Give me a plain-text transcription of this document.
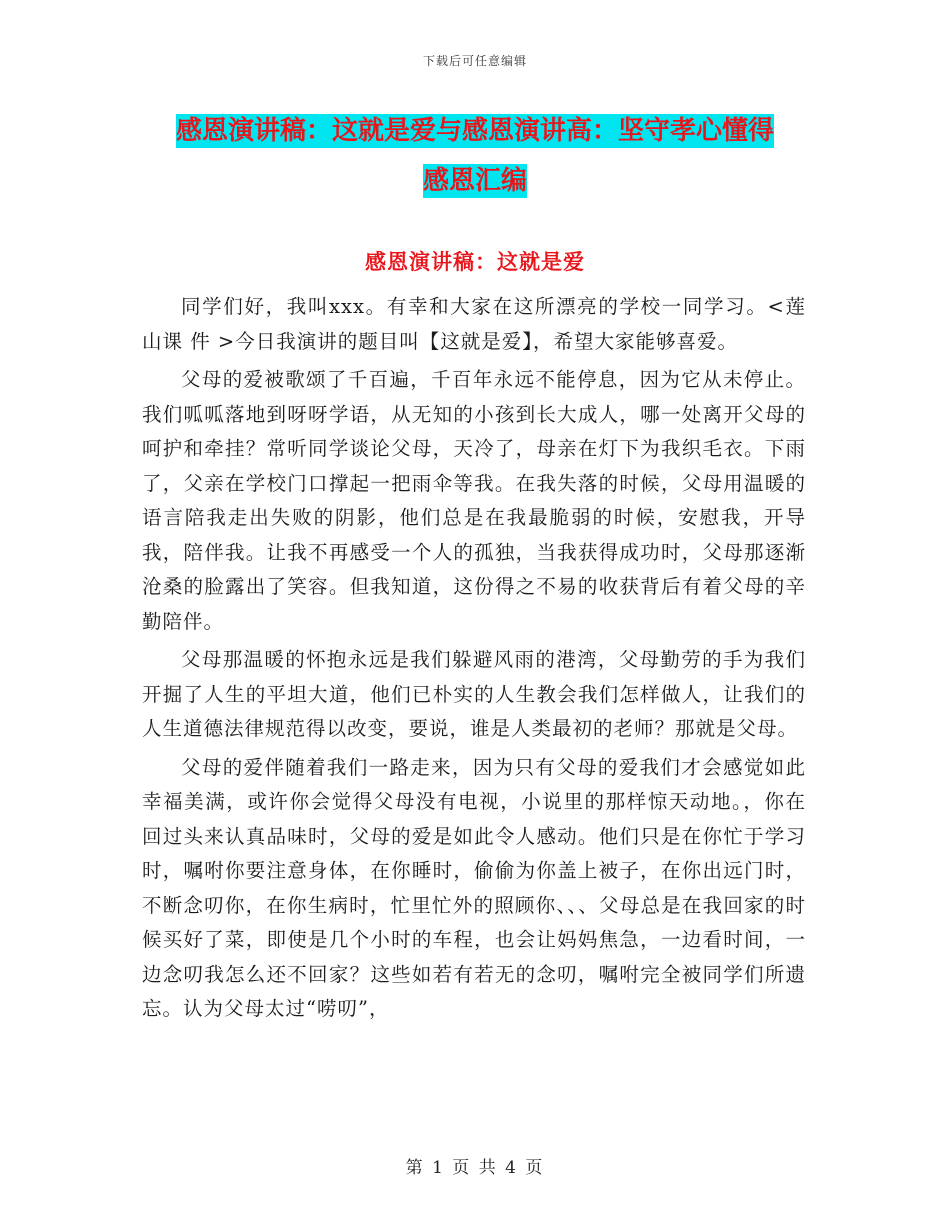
下载后可任意编辑
感恩演讲稿：这就是爱与感恩演讲高：坚守孝心懂得
感恩汇编
感恩演讲稿：这就是爱

同学们好，我叫xxx。有幸和大家在这所漂亮的学校一同学习。<莲山课 件 >今日我演讲的题目叫【这就是爱】，希望大家能够喜爱。

父母的爱被歌颂了千百遍，千百年永远不能停息，因为它从未停止。我们呱呱落地到呀呀学语，从无知的小孩到长大成人，哪一处离开父母的呵护和牵挂？常听同学谈论父母，天冷了，母亲在灯下为我织毛衣。下雨了，父亲在学校门口撑起一把雨伞等我。在我失落的时候，父母用温暖的语言陪我走出失败的阴影，他们总是在我最脆弱的时候，安慰我，开导我，陪伴我。让我不再感受一个人的孤独，当我获得成功时，父母那逐渐沧桑的脸露出了笑容。但我知道，这份得之不易的收获背后有着父母的辛勤陪伴。

父母那温暖的怀抱永远是我们躲避风雨的港湾，父母勤劳的手为我们开掘了人生的平坦大道，他们已朴实的人生教会我们怎样做人，让我们的人生道德法律规范得以改变，要说，谁是人类最初的老师？那就是父母。

父母的爱伴随着我们一路走来，因为只有父母的爱我们才会感觉如此幸福美满，或许你会觉得父母没有电视，小说里的那样惊天动地。，你在回过头来认真品味时，父母的爱是如此令人感动。他们只是在你忙于学习时，嘱咐你要注意身体，在你睡时，偷偷为你盖上被子，在你出远门时，不断念叨你，在你生病时，忙里忙外的照顾你、、、父母总是在我回家的时候买好了菜，即使是几个小时的车程，也会让妈妈焦急，一边看时间，一边念叨我怎么还不回家？这些如若有若无的念叨，嘱咐完全被同学们所遗忘。认为父母太过“唠叨”，

第 1 页 共 4 页
